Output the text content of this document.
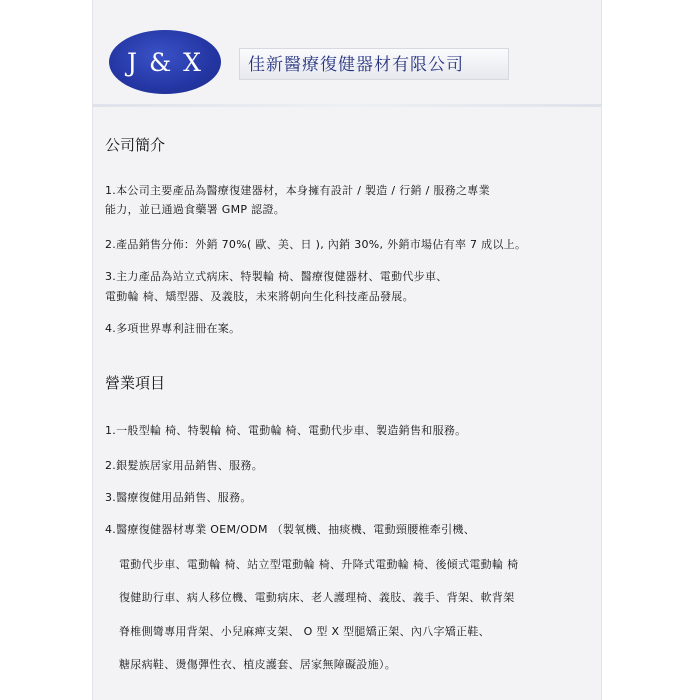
J & X	佳新醫療復健器材有限公司
公司簡介
1.本公司主要產品為醫療復建器材，本身擁有設計 / 製造 / 行銷 / 服務之專業
能力，並已通過食藥署 GMP 認證。
2.產品銷售分佈：外銷 70%( 歐、美、日 ), 內銷 30%, 外銷市場佔有率 7 成以上。
3.主力產品為站立式病床、特製輪 椅、醫療復健器材、電動代步車、
電動輪 椅、矯型器、及義肢，未來將朝向生化科技產品發展。
4.多項世界專利註冊在案。
營業項目
1.一般型輪 椅、特製輪 椅、電動輪 椅、電動代步車、製造銷售和服務。
2.銀髮族居家用品銷售、服務。
3.醫療復健用品銷售、服務。
4.醫療復健器材專業 OEM/ODM （製氧機、抽痰機、電動頸腰椎牽引機、
電動代步車、電動輪 椅、站立型電動輪 椅、升降式電動輪 椅、後傾式電動輪 椅
復健助行車、病人移位機、電動病床、老人護理椅、義肢、義手、背架、軟背架
脊椎側彎專用背架、小兒麻痺支架、 O 型 X 型腿矯正架、內八字矯正鞋、
糖尿病鞋、燙傷彈性衣、植皮護套、居家無障礙設施）。
